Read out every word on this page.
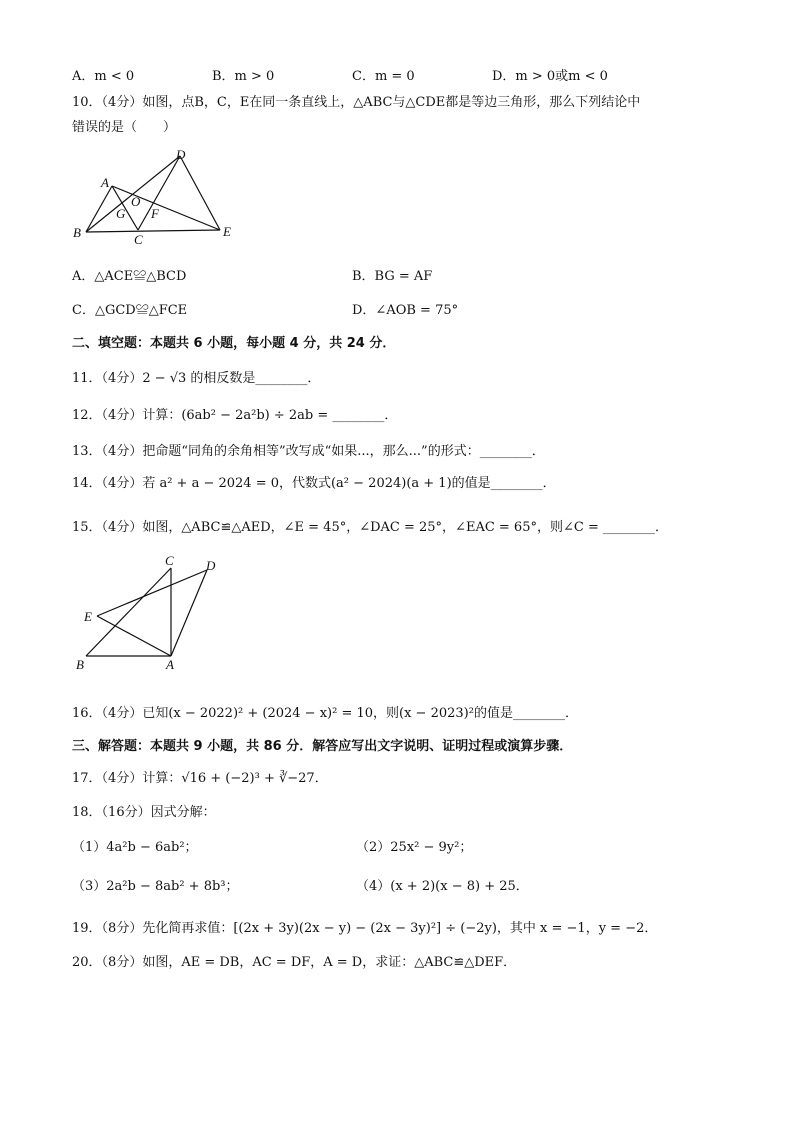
A．m < 0	B．m > 0	C．m = 0	D．m > 0或m < 0
10．（4分）如图，点B，C，E在同一条直线上，△ABC与△CDE都是等边三角形，那么下列结论中
错误的是（　　）
D
A
G
O
F
B	C
E
A．△ACE≌△BCD	B．BG = AF
C．△GCD≌△FCE	D．∠AOB = 75°
二、填空题：本题共 6 小题，每小题 4 分，共 24 分．
11．（4分）2 − √3 的相反数是________．
12．（4分）计算：(6ab² − 2a²b) ÷ 2ab = ________．
13．（4分）把命题“同角的余角相等”改写成“如果...，那么...”的形式：________．
14．（4分）若 a² + a − 2024 = 0，代数式(a² − 2024)(a + 1)的值是________．
15．（4分）如图，△ABC≌△AED，∠E = 45°，∠DAC = 25°，∠EAC = 65°，则∠C = ________．
C D
E
B	A
16．（4分）已知(x − 2022)² + (2024 − x)² = 10，则(x − 2023)²的值是________．
三、解答题：本题共 9 小题，共 86 分．解答应写出文字说明、证明过程或演算步骤．
17．（4分）计算：√16 + (−2)³ + ∛−27．
18．（16分）因式分解：
（1）4a²b − 6ab²；	（2）25x² − 9y²；
（3）2a²b − 8ab² + 8b³；	（4）(x + 2)(x − 8) + 25．
19．（8分）先化简再求值：[(2x + 3y)(2x − y) − (2x − 3y)²] ÷ (−2y)，其中 x = −1，y = −2．
20．（8分）如图，AE = DB，AC = DF，A = D，求证：△ABC≌△DEF．
